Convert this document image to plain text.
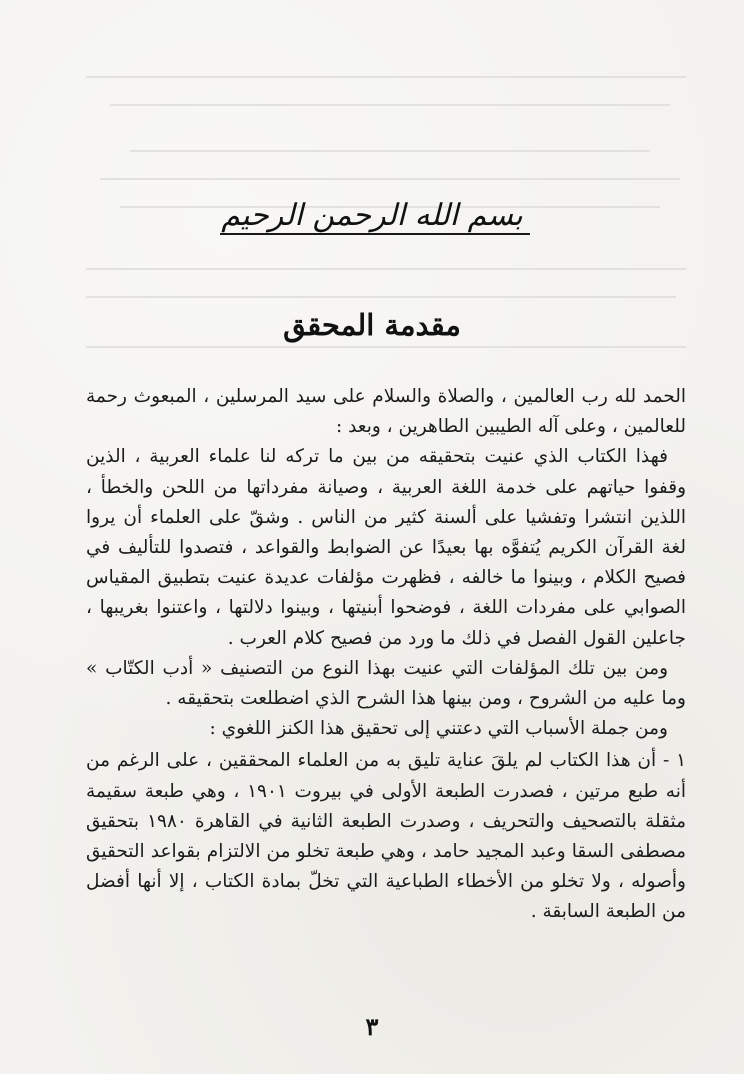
بسم الله الرحمن الرحيم
مقدمة المحقق

الحمد لله رب العالمين ، والصلاة والسلام على سيد المرسلين ، المبعوث رحمة للعالمين ، وعلى آله الطيبين الطاهرين ، وبعد :

فهذا الكتاب الذي عنيت بتحقيقه من بين ما تركه لنا علماء العربية ، الذين وقفوا حياتهم على خدمة اللغة العربية ، وصيانة مفرداتها من اللحن والخطأ ، اللذين انتشرا وتفشيا على ألسنة كثير من الناس . وشقّ على العلماء أن يروا لغة القرآن الكريم يُتفوَّه بها بعيدًا عن الضوابط والقواعد ، فتصدوا للتأليف في فصيح الكلام ، وبينوا ما خالفه ، فظهرت مؤلفات عديدة عنيت بتطبيق المقياس الصوابي على مفردات اللغة ، فوضحوا أبنيتها ، وبينوا دلالتها ، واعتنوا بغريبها ، جاعلين القول الفصل في ذلك ما ورد من فصيح كلام العرب .

ومن بين تلك المؤلفات التي عنيت بهذا النوع من التصنيف « أدب الكتّاب » وما عليه من الشروح ، ومن بينها هذا الشرح الذي اضطلعت بتحقيقه .

ومن جملة الأسباب التي دعتني إلى تحقيق هذا الكنز اللغوي :

١ - أن هذا الكتاب لم يلقَ عناية تليق به من العلماء المحققين ، على الرغم من أنه طبع مرتين ، فصدرت الطبعة الأولى في بيروت ١٩٠١ ، وهي طبعة سقيمة مثقلة بالتصحيف والتحريف ، وصدرت الطبعة الثانية في القاهرة ١٩٨٠ بتحقيق مصطفى السقا وعبد المجيد حامد ، وهي طبعة تخلو من الالتزام بقواعد التحقيق وأصوله ، ولا تخلو من الأخطاء الطباعية التي تخلّ بمادة الكتاب ، إلا أنها أفضل من الطبعة السابقة .

٣
